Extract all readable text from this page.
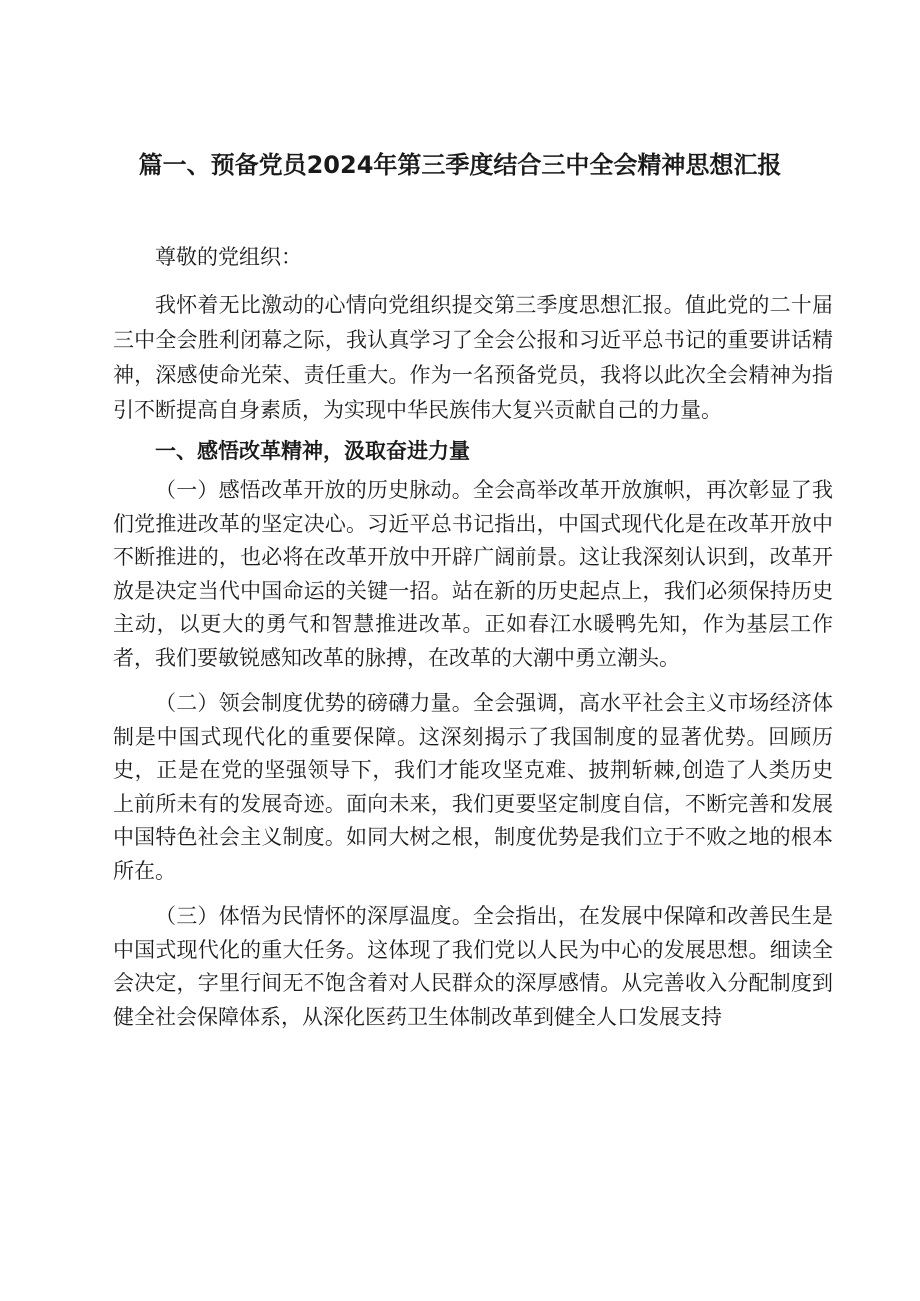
篇一、预备党员2024年第三季度结合三中全会精神思想汇报

尊敬的党组织：

我怀着无比激动的心情向党组织提交第三季度思想汇报。值此党的二十届三中全会胜利闭幕之际，我认真学习了全会公报和习近平总书记的重要讲话精神，深感使命光荣、责任重大。作为一名预备党员，我将以此次全会精神为指引不断提高自身素质，为实现中华民族伟大复兴贡献自己的力量。

一、感悟改革精神，汲取奋进力量

（一）感悟改革开放的历史脉动。全会高举改革开放旗帜，再次彰显了我们党推进改革的坚定决心。习近平总书记指出，中国式现代化是在改革开放中不断推进的，也必将在改革开放中开辟广阔前景。这让我深刻认识到，改革开放是决定当代中国命运的关键一招。站在新的历史起点上，我们必须保持历史主动，以更大的勇气和智慧推进改革。正如春江水暖鸭先知，作为基层工作者，我们要敏锐感知改革的脉搏，在改革的大潮中勇立潮头。

（二）领会制度优势的磅礴力量。全会强调，高水平社会主义市场经济体制是中国式现代化的重要保障。这深刻揭示了我国制度的显著优势。回顾历史，正是在党的坚强领导下，我们才能攻坚克难、披荆斩棘,创造了人类历史上前所未有的发展奇迹。面向未来，我们更要坚定制度自信，不断完善和发展中国特色社会主义制度。如同大树之根，制度优势是我们立于不败之地的根本所在。

（三）体悟为民情怀的深厚温度。全会指出，在发展中保障和改善民生是中国式现代化的重大任务。这体现了我们党以人民为中心的发展思想。细读全会决定，字里行间无不饱含着对人民群众的深厚感情。从完善收入分配制度到健全社会保障体系，从深化医药卫生体制改革到健全人口发展支持
